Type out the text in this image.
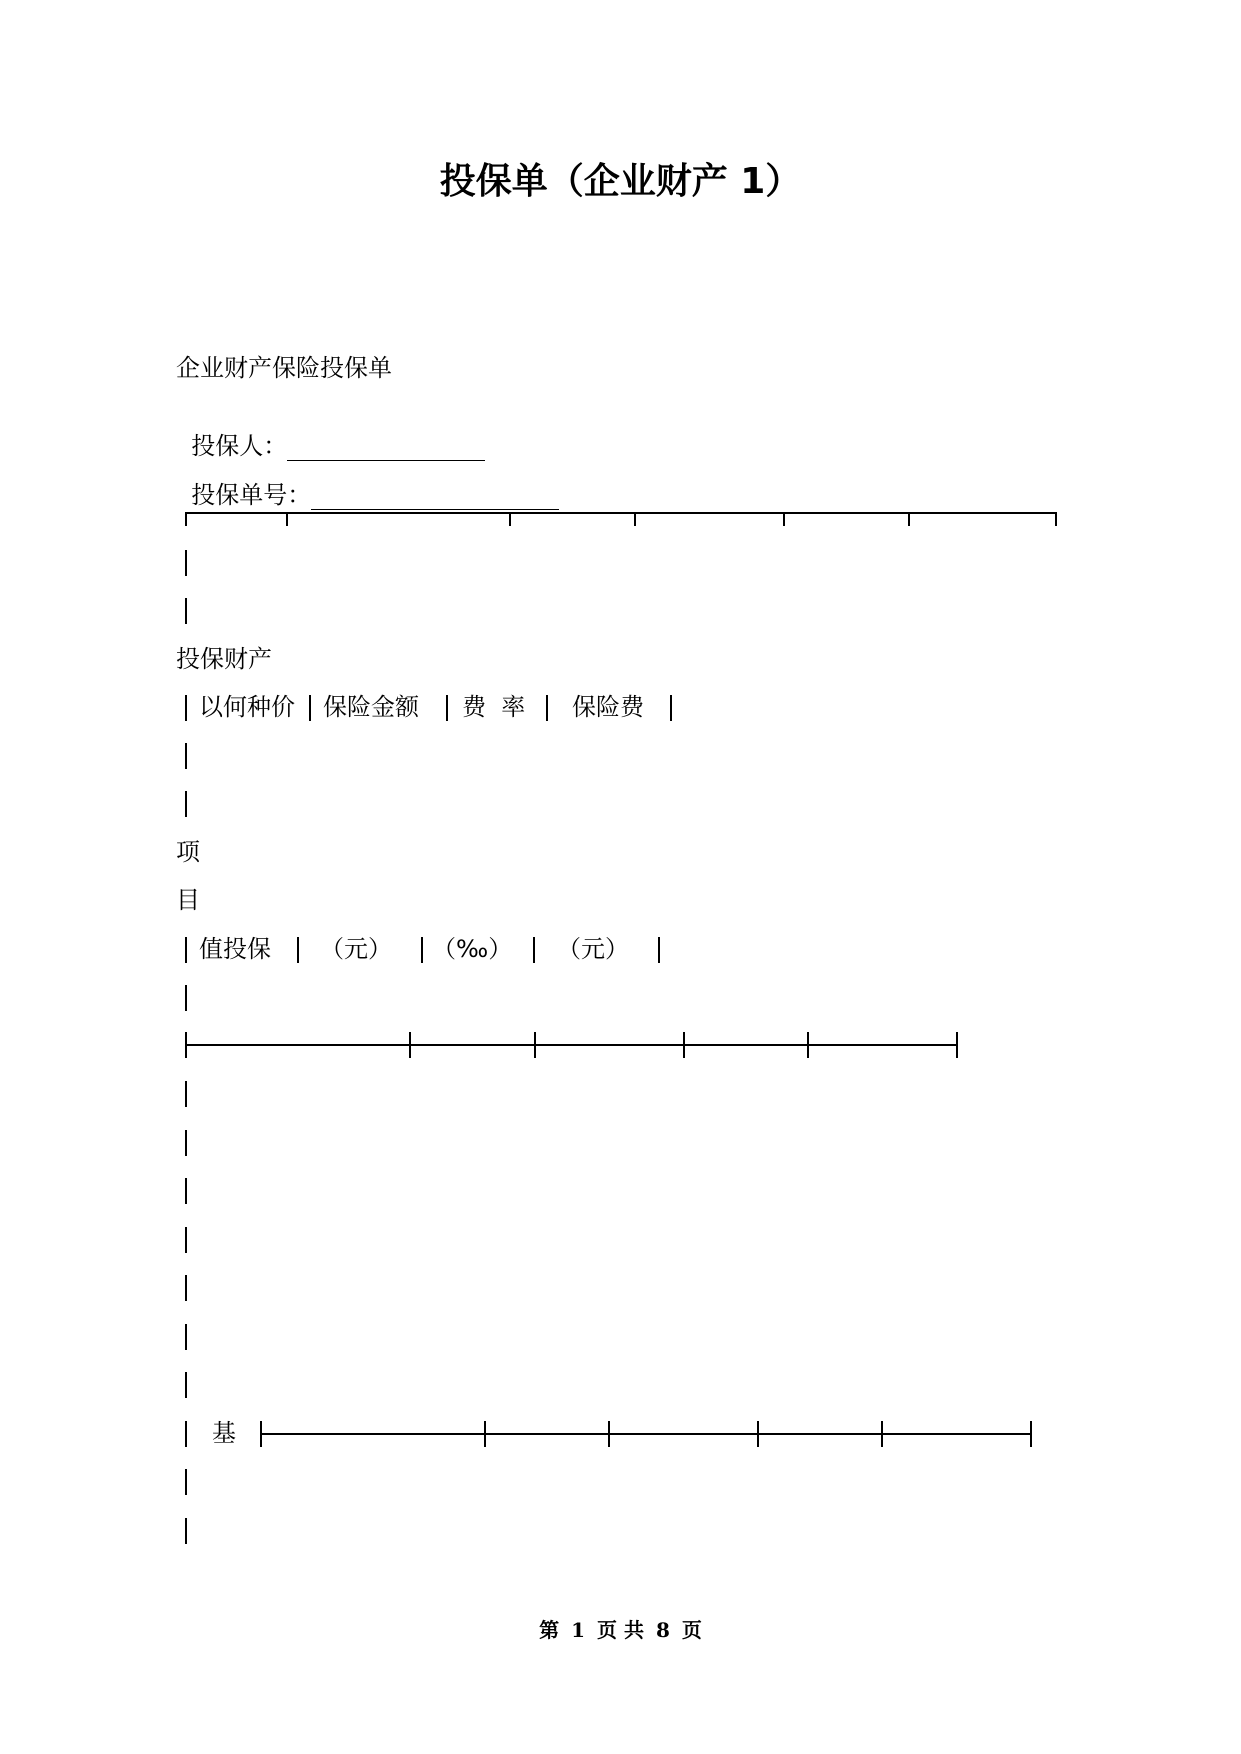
投保单（企业财产 1）
企业财产保险投保单

投保人：

投保单号：

投保财产
以何种价 保险金额 费  率 保险费
项
目
值投保 （元） （‰） （元）
基
第 1 页 共 8 页
